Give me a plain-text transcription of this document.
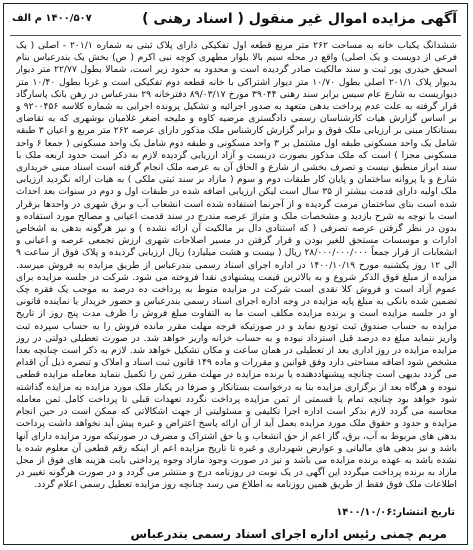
آگهی مزایده اموال غیر منقول ( اسناد رهنی )
۱۴۰۰/۵۰۷ م الف
ششدانگ یکباب خانه به مساحت ۲۶۲ متر مربع قطعه اول تفکیکی دارای پلاک ثبتی به شماره ۲۰۱/۱ - اصلی ( یک فرعی از دویست و یک اصلی) واقع در محله سیم بالا بلوار مطهری کوچه نبی اکرم ( ص) بخش یک بندرعباس بنام اسحق حیدری پور ثبت و سند مالکیت صادر گردیده است و محدود به حدود زیر است، شمالا بطول ۲۲/۷۷ متر دیوار بدیوار پلاک ۲۰۱/۱ اصلی بطول ۱۰/۷۰ متر دیوار اشتراکی با خانه قطعه دوم تفکیکی است و غربا بطول ۱۰/۴۰ متر دیواریست به شارع عام سیس برابر سند رهنی ۳۹۰۴۴ مورخ ۸۹/۰۳/۱۷ دفترخانه ۲۹ بندرعباس در رهن بانک پاسارگاد قرار گرفته به علت عدم پرداخت بدهی متعهد به صدور اجرائیه و تشکیل پرونده اجرایی به شماره کلاسه ۹۲۰۰۴۵۶ و بر اساس گزارش هیات کارشناسان رسمی دادگستری مرضیه کاوه و ملیحه اصغر غلامیان بوشهری که به تقاضای بستانکار مبنی بر ارزیابی ملک فوق و برابر گزارش کارشناس ملک مذکور دارای عرصه ۲۶۲ متر مربع و اعیان ۳ طبقه شامل یک واحد مسکونی طبقه اول مشتمل بر ۳ واحد مسکونی و طبقه دوم شامل یک واحد مسکونی ( جمعا ۶ واحد مسکونی مجزا ) است که ملک مذکور بصورت دربست و آزاد ارزیابی گردیده لازم به ذکر است حدود اربعه ملک با سند ابراز منطبق نیست و تصرف بخشی از شارع و الحاق آن به عرصه ملک انجام گرفته است اسناد مبنی خریداری شارع و یا پروانه ساختمان و پایان کار طبقات دوم و سوم ( مازاد بر سند ثبتی ملکی ) به هیات ارائه نگردید ارزیابی ملک اولیه دارای قدمت بیشتر از ۳۵ سال است لیکن ارزیابی اضافه شده در طبقات اول و دوم در سنوات بعد احداث شده است بنای ساختمان مرمت گردیده و از آجرنما استفاده شده است انشعاب آب و برق شهری در واحدها برقرار است با توجه به شرح بازدید و مشخصات ملک و متراژ عرصه مندرج در سند قدمت اعیانی و مصالح مورد استفاده و بدون در نظر گرفتن عرصه تصرفی ( که استنادی دال بر مالکیت آن ارائه نشده ) و نیز هرگونه بدهی به اشخاص ادارات و موسسات مستحق للغیر بودن و قرار گرفتن در مسیر اصلاحات شهری ارزش تجمعی عرصه و اعیانی و انشعابات از قرار جمعاً ۲۸/۰۰۰/۰۰۰/۰۰۰ ریال ( بیست و هشت میلیارد) ریال ارزیابی گردیده و پلاک فوق از ساعت ۹ الی ۱۲ روز یکشنبه مورخ ۱۴۰۰/۱۰/۱۹ در اداره اجرای اسناد رسمی بندرعباس از طریق مزایده به فروش میرسد. مزایده از مبلغ فوق الذکر شروع و به بالاترین قیمت پیشنهادی نقدا فروخته می شود. شرکت در جلسه مزایده برای عموم آزاد است و فروش کلا نقدی است شرکت در مزایده منوط به پرداخت ده درصد به موجب یک فقره چک تضمین شده بانکی به مبلغ پایه مزایده در وجه اداره اجرای اسناد رسمی بندرعباس و حضور خریدار یا نماینده قانونی او در جلسه مزایده است و برنده مزایده مکلف است ما به التفاوت مبلغ فروش را ظرف مدت پنج روز از تاریخ مزایده به حساب صندوق ثبت تودیع نماید و در صورتیکه فرجه مهلت مقرر مانده فروش را به حساب سپرده ثبت واریز ننماید مبلغ ده درصد قبل استرداد نبوده و به حساب خزانه واریز خواهد شد. در صورت تعطیلی دولتی در روز مزایده مزایده در روز اداری بعد از تعطیلی در همان ساعت و مکان تشکیل خواهد شد. لازم به ذکر است چنانچه بعدا مشخص شود اضافه مساحتی دارد وفق قوانین و مقررات و ماده ۱۴۹ قانون ثبت اسناد و املاک و تبصره ذیل آن اقدام می گردد بدیهی است چنانچه پیشنهاددهنده یا برنده مزایده در مهلت مقرر ثمن را تکمیل ننماید معامله مزایده قطعی نبوده و هرگاه بعد از برگزاری مزایده بنا به درخواست بستانکار و صرفا در یکبار ملک مورد مزایده به مزایده گذاشته شود خواهد بود چنانچه تمام یا قسمتی از ثمن مزایده پرداخت نگردد تعهدات قبلی تا پرداخت کامل ثمن معامله محاسبه می گردد لازم بذکر است اداره اجرا تکلیفی و مسئولیتی از جهت اشکالاتی که ممکن است در حین انجام مزایده و حدود و حقوق ملک مورد مزایده بعمل آید از آن ارائه پاسخ اعتراض و غیره پیش آید نخواهد داشت پرداخت بدهی های مربوط به آب، برق، گاز اعم از حق انشعاب و یا حق اشتراک و مصرف در صورتیکه مورد مزایده دارای آنها باشد و نیز بدهی های مالیاتی و عوارض شهرداری و غیره تا تاریخ مزایده اعم از اینکه رقم قطعی آن معلوم شده یا نشده باشد به عهده برنده مزایده می باشد و نیز در صورت وجود مازاد وجوه پرداختی بابت هزینه های فوق از محل مازاد به برنده پرداخت میگردد این آگهی در یک نوبت در روزنامه درج و منتشر می گردد و در صورت هرگونه تغییر در اطلاعات ملک فوق فقط از طریق همین روزنامه به اطلاع می رسد چنانچه روز مزایده تعطیل رسمی اعلام گردد.
تاریخ انتشار:۱۴۰۰/۱۰/۰۶
مریم چمنی رئیس اداره اجرای اسناد رسمی بندرعباس
